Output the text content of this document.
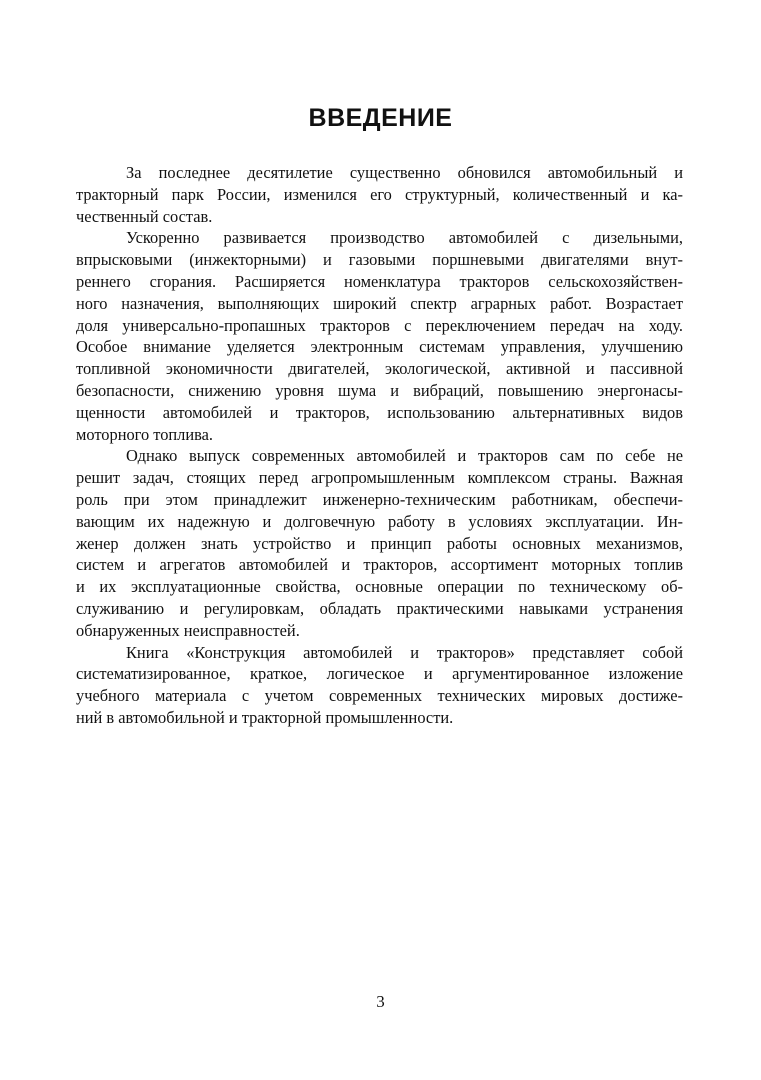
ВВЕДЕНИЕ
За последнее десятилетие существенно обновился автомобильный и
тракторный парк России, изменился его структурный, количественный и ка-
чественный состав.
Ускоренно развивается производство автомобилей с дизельными,
впрысковыми (инжекторными) и газовыми поршневыми двигателями внут-
реннего сгорания. Расширяется номенклатура тракторов сельскохозяйствен-
ного назначения, выполняющих широкий спектр аграрных работ. Возрастает
доля универсально-пропашных тракторов с переключением передач на ходу.
Особое внимание уделяется электронным системам управления, улучшению
топливной экономичности двигателей, экологической, активной и пассивной
безопасности, снижению уровня шума и вибраций, повышению энергонасы-
щенности автомобилей и тракторов, использованию альтернативных видов
моторного топлива.
Однако выпуск современных автомобилей и тракторов сам по себе не
решит задач, стоящих перед агропромышленным комплексом страны. Важная
роль при этом принадлежит инженерно-техническим работникам, обеспечи-
вающим их надежную и долговечную работу в условиях эксплуатации. Ин-
женер должен знать устройство и принцип работы основных механизмов,
систем и агрегатов автомобилей и тракторов, ассортимент моторных топлив
и их эксплуатационные свойства, основные операции по техническому об-
служиванию и регулировкам, обладать практическими навыками устранения
обнаруженных неисправностей.
Книга «Конструкция автомобилей и тракторов» представляет собой
систематизированное, краткое, логическое и аргументированное изложение
учебного материала с учетом современных технических мировых достиже-
ний в автомобильной и тракторной промышленности.
3
